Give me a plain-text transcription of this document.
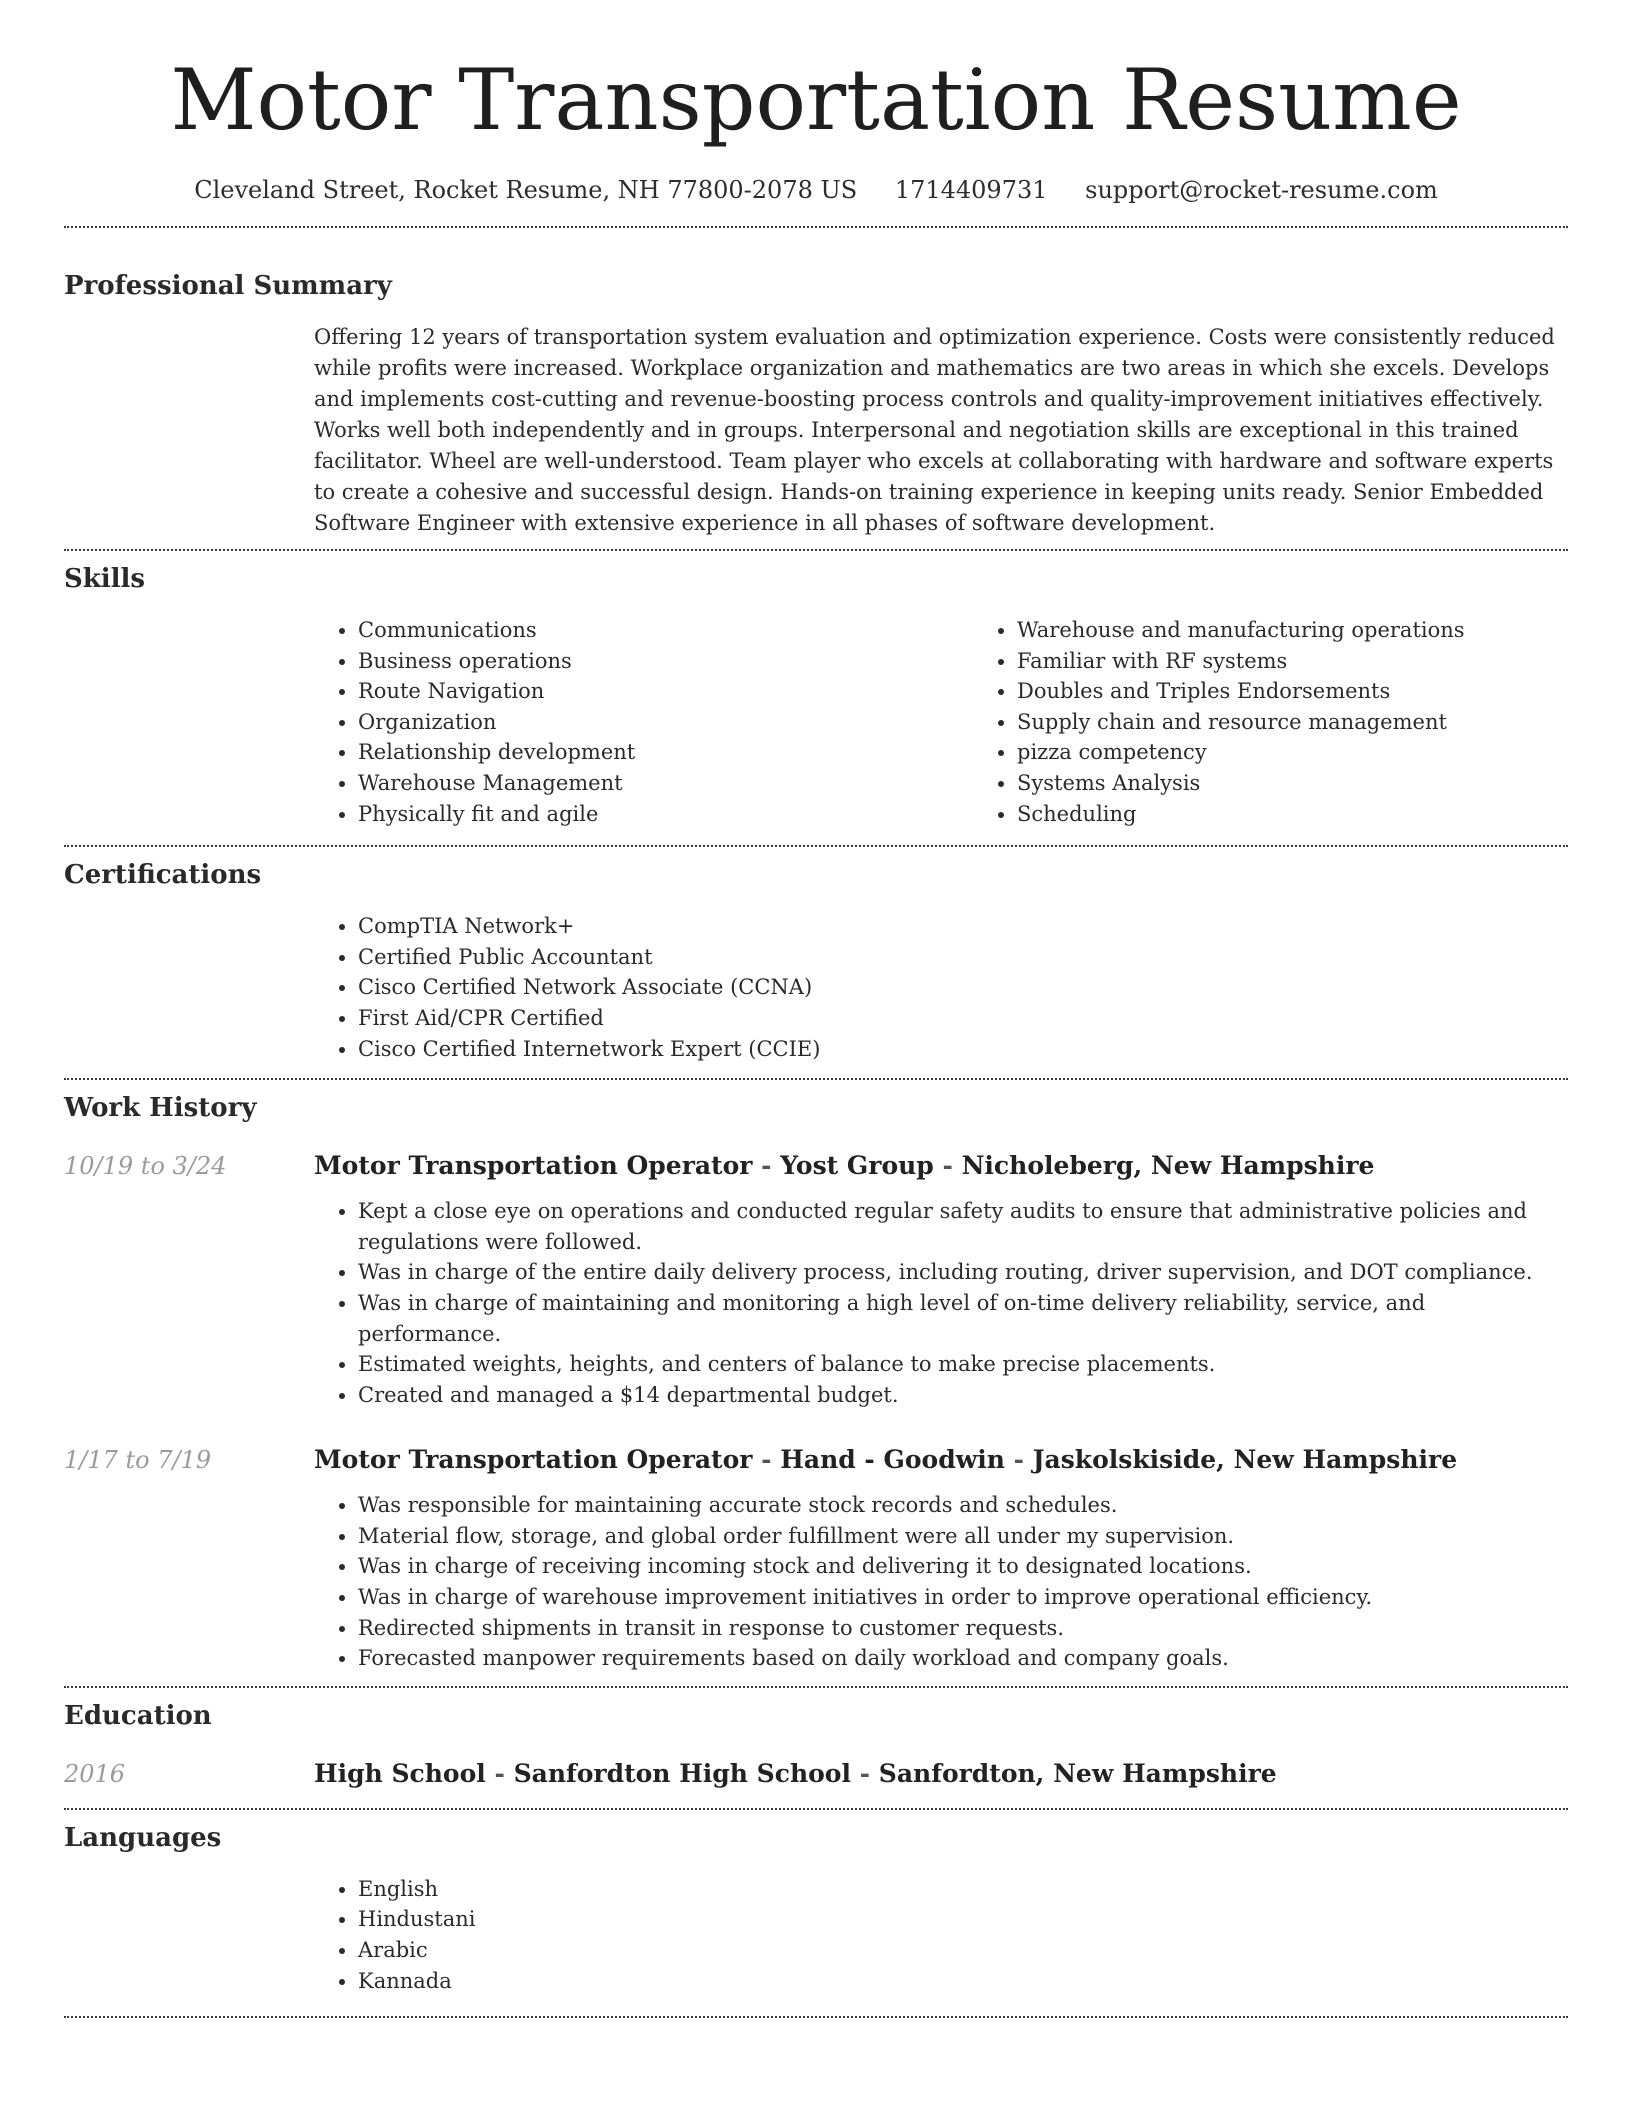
Motor Transportation Resume
Cleveland Street, Rocket Resume, NH 77800-2078 US 1714409731 support@rocket-resume.com
Professional Summary

Offering 12 years of transportation system evaluation and optimization experience. Costs were consistently reduced while profits were increased. Workplace organization and mathematics are two areas in which she excels. Develops and implements cost-cutting and revenue-boosting process controls and quality-improvement initiatives effectively. Works well both independently and in groups. Interpersonal and negotiation skills are exceptional in this trained facilitator. Wheel are well-understood. Team player who excels at collaborating with hardware and software experts to create a cohesive and successful design. Hands-on training experience in keeping units ready. Senior Embedded Software Engineer with extensive experience in all phases of software development.

Skills
• Communications
• Business operations
• Route Navigation
• Organization
• Relationship development
• Warehouse Management
• Physically fit and agile
• Warehouse and manufacturing operations
• Familiar with RF systems
• Doubles and Triples Endorsements
• Supply chain and resource management
• pizza competency
• Systems Analysis
• Scheduling
Certifications
• CompTIA Network+
• Certified Public Accountant
• Cisco Certified Network Associate (CCNA)
• First Aid/CPR Certified
• Cisco Certified Internetwork Expert (CCIE)
Work History
10/19 to 3/24	Motor Transportation Operator - Yost Group - Nicholeberg, New Hampshire
• Kept a close eye on operations and conducted regular safety audits to ensure that administrative policies and regulations were followed.
• Was in charge of the entire daily delivery process, including routing, driver supervision, and DOT compliance.
• Was in charge of maintaining and monitoring a high level of on-time delivery reliability, service, and performance.
• Estimated weights, heights, and centers of balance to make precise placements.
• Created and managed a $14 departmental budget.
1/17 to 7/19	Motor Transportation Operator - Hand - Goodwin - Jaskolskiside, New Hampshire
• Was responsible for maintaining accurate stock records and schedules.
• Material flow, storage, and global order fulfillment were all under my supervision.
• Was in charge of receiving incoming stock and delivering it to designated locations.
• Was in charge of warehouse improvement initiatives in order to improve operational efficiency.
• Redirected shipments in transit in response to customer requests.
• Forecasted manpower requirements based on daily workload and company goals.
Education
2016	High School - Sanfordton High School - Sanfordton, New Hampshire
Languages
• English
• Hindustani
• Arabic
• Kannada
